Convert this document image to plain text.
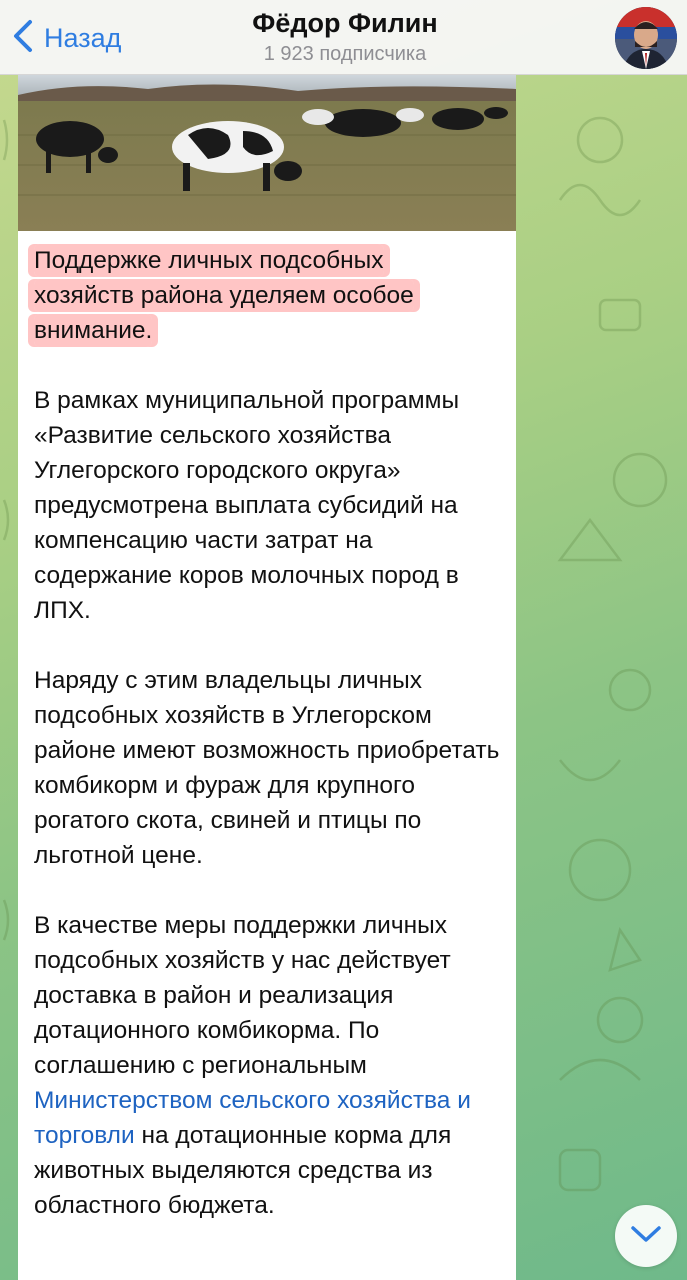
Назад	Фёдор Филин
1 923 подписчика
Поддержке личных подсобных
хозяйств района уделяем особое
внимание.
В рамках муниципальной программы «Развитие сельского хозяйства Углегорского городского округа» предусмотрена выплата субсидий на компенсацию части затрат на содержание коров молочных пород в ЛПХ.
Наряду с этим владельцы личных подсобных хозяйств в Углегорском районе имеют возможность приобретать комбикорм и фураж для крупного рогатого скота, свиней и птицы по льготной цене.
В качестве меры поддержки личных подсобных хозяйств у нас действует доставка в район и реализация дотационного комбикорма. По соглашению с региональным Министерством сельского хозяйства и торговли на дотационные корма для животных выделяются средства из областного бюджета.
